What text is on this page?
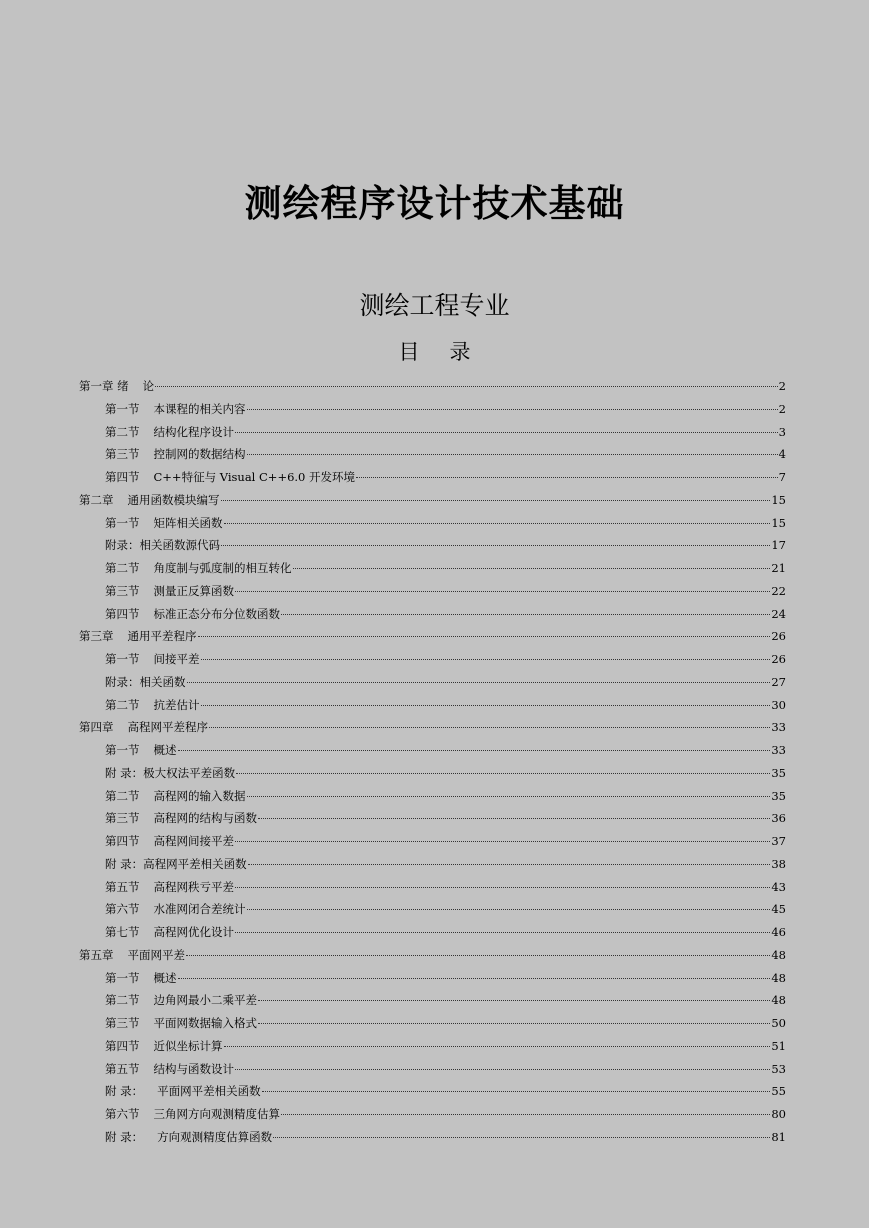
测绘程序设计技术基础
测绘工程专业
目 录
第一章 绪 论	2
第一节 本课程的相关内容	2
第二节 结构化程序设计	3
第三节 控制网的数据结构	4
第四节 C++特征与 Visual C++6.0 开发环境	7
第二章 通用函数模块编写	15
第一节 矩阵相关函数	15
附录：相关函数源代码	17
第二节 角度制与弧度制的相互转化	21
第三节 测量正反算函数	22
第四节 标准正态分布分位数函数	24
第三章 通用平差程序	26
第一节 间接平差	26
附录：相关函数	27
第二节 抗差估计	30
第四章 高程网平差程序	33
第一节 概述	33
附 录：极大权法平差函数	35
第二节 高程网的输入数据	35
第三节 高程网的结构与函数	36
第四节 高程网间接平差	37
附 录：高程网平差相关函数	38
第五节 高程网秩亏平差	43
第六节 水准网闭合差统计	45
第七节 高程网优化设计	46
第五章 平面网平差	48
第一节 概述	48
第二节 边角网最小二乘平差	48
第三节 平面网数据输入格式	50
第四节 近似坐标计算	51
第五节 结构与函数设计	53
附 录： 平面网平差相关函数	55
第六节 三角网方向观测精度估算	80
附 录： 方向观测精度估算函数	81
